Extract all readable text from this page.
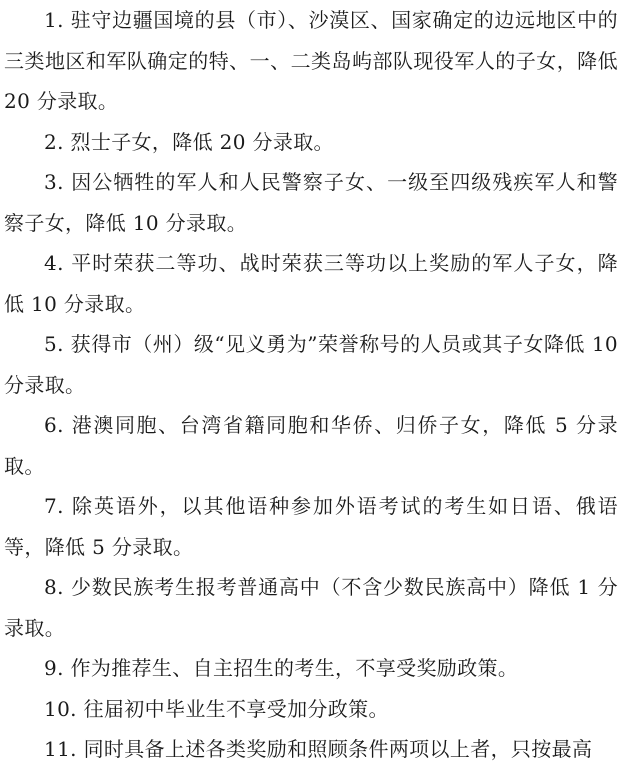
1. 驻守边疆国境的县（市）、沙漠区、国家确定的边远地区中的三类地区和军队确定的特、一、二类岛屿部队现役军人的子女，降低 20 分录取。

2. 烈士子女，降低 20 分录取。

3. 因公牺牲的军人和人民警察子女、一级至四级残疾军人和警察子女，降低 10 分录取。

4. 平时荣获二等功、战时荣获三等功以上奖励的军人子女，降低 10 分录取。

5. 获得市（州）级“见义勇为”荣誉称号的人员或其子女降低 10 分录取。

6. 港澳同胞、台湾省籍同胞和华侨、归侨子女，降低 5 分录取。

7. 除英语外，以其他语种参加外语考试的考生如日语、俄语等，降低 5 分录取。

8. 少数民族考生报考普通高中（不含少数民族高中）降低 1 分录取。

9. 作为推荐生、自主招生的考生，不享受奖励政策。

10. 往届初中毕业生不享受加分政策。

11. 同时具备上述各类奖励和照顾条件两项以上者，只按最高
